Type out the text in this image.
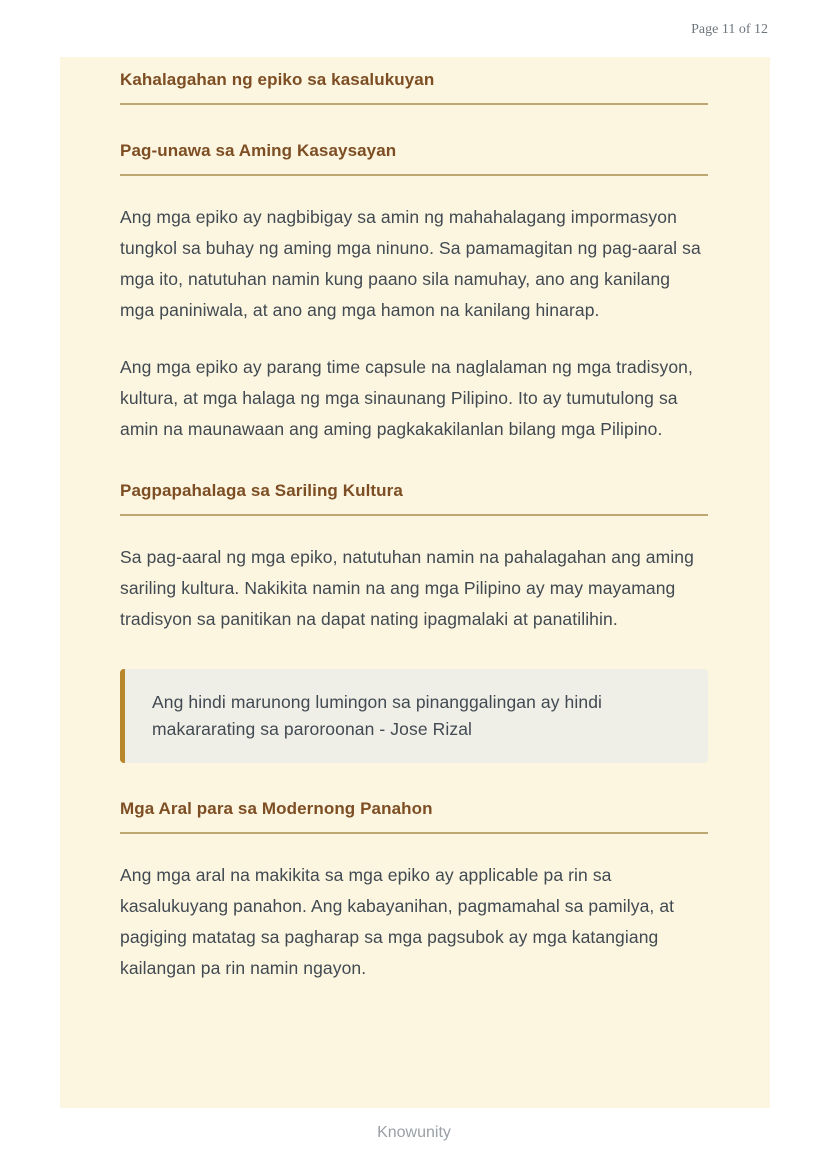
Page 11 of 12
Kahalagahan ng epiko sa kasalukuyan
Pag-unawa sa Aming Kasaysayan

Ang mga epiko ay nagbibigay sa amin ng mahahalagang impormasyon tungkol sa buhay ng aming mga ninuno. Sa pamamagitan ng pag-aaral sa mga ito, natutuhan namin kung paano sila namuhay, ano ang kanilang mga paniniwala, at ano ang mga hamon na kanilang hinarap.

Ang mga epiko ay parang time capsule na naglalaman ng mga tradisyon, kultura, at mga halaga ng mga sinaunang Pilipino. Ito ay tumutulong sa amin na maunawaan ang aming pagkakakilanlan bilang mga Pilipino.

Pagpapahalaga sa Sariling Kultura

Sa pag-aaral ng mga epiko, natutuhan namin na pahalagahan ang aming sariling kultura. Nakikita namin na ang mga Pilipino ay may mayamang tradisyon sa panitikan na dapat nating ipagmalaki at panatilihin.

Ang hindi marunong lumingon sa pinanggalingan ay hindi makararating sa paroroonan - Jose Rizal
Mga Aral para sa Modernong Panahon

Ang mga aral na makikita sa mga epiko ay applicable pa rin sa kasalukuyang panahon. Ang kabayanihan, pagmamahal sa pamilya, at pagiging matatag sa pagharap sa mga pagsubok ay mga katangiang kailangan pa rin namin ngayon.

Knowunity
